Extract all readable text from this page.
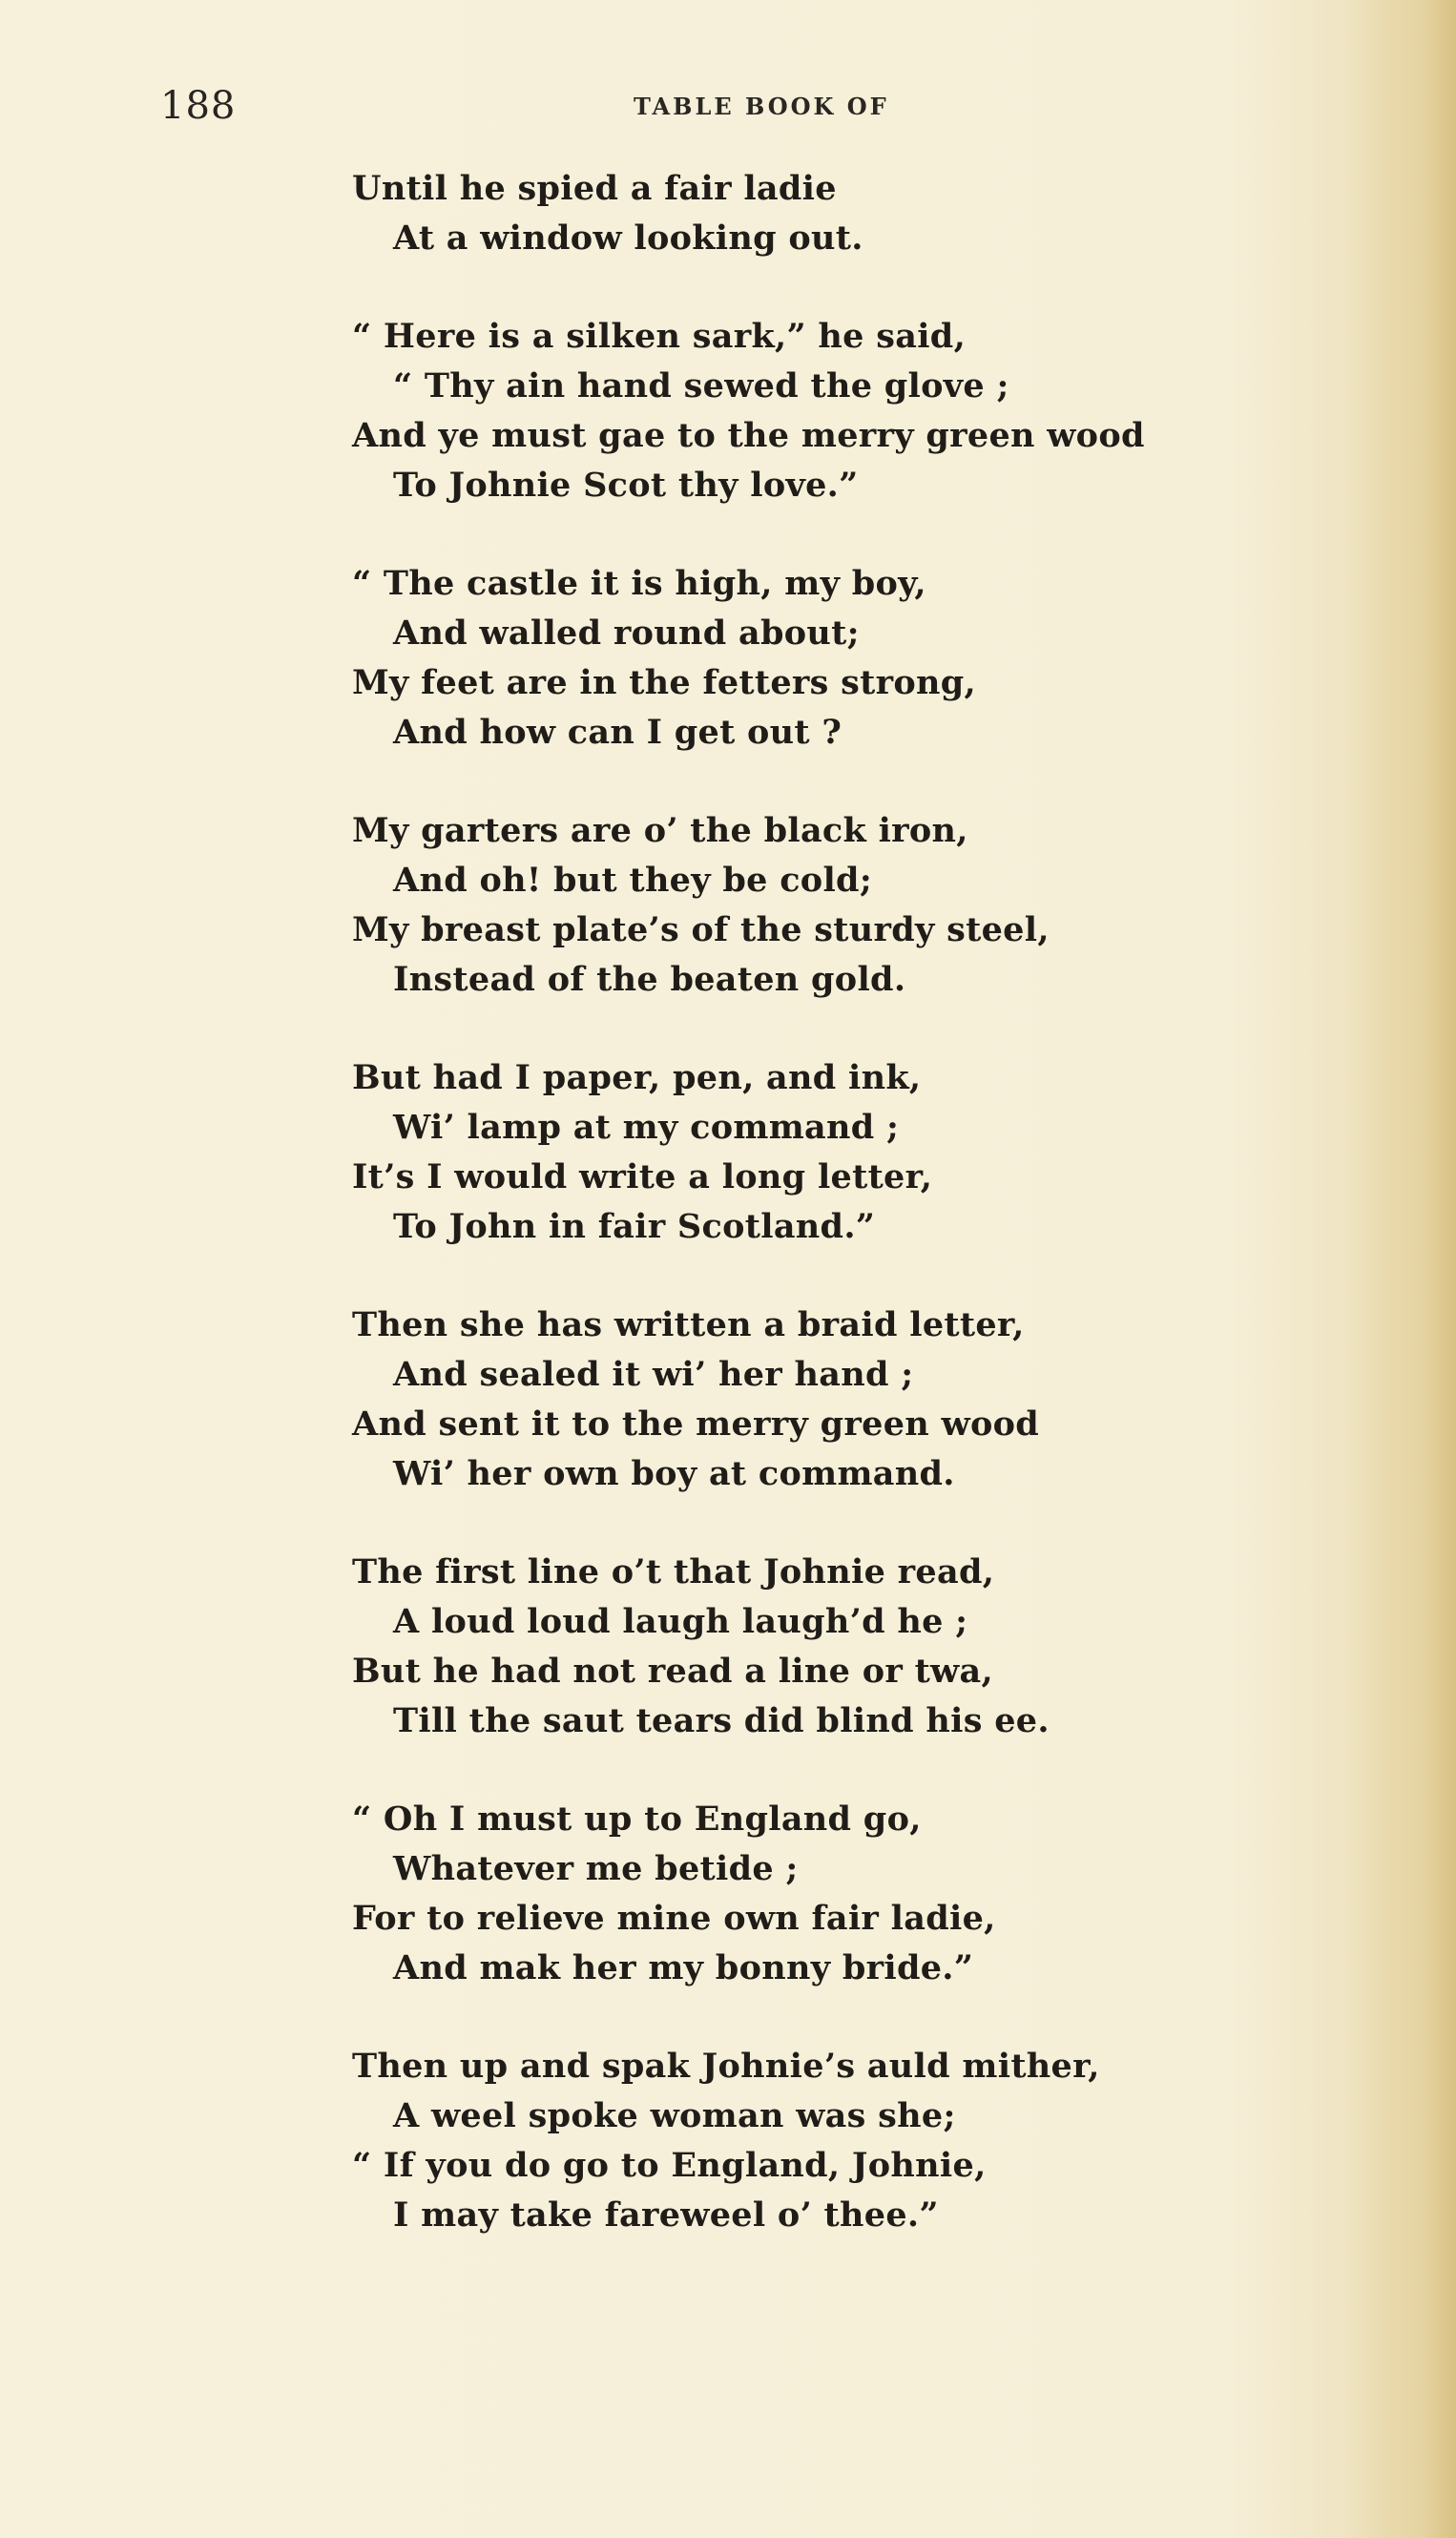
188	TABLE BOOK OF
Until he spied a fair ladie
At a window looking out.
“ Here is a silken sark,” he said,
“ Thy ain hand sewed the glove ;
And ye must gae to the merry green wood
To Johnie Scot thy love.”
“ The castle it is high, my boy,
And walled round about;
My feet are in the fetters strong,
And how can I get out ?
My garters are o’ the black iron,
And oh! but they be cold;
My breast plate’s of the sturdy steel,
Instead of the beaten gold.
But had I paper, pen, and ink,
Wi’ lamp at my command ;
It’s I would write a long letter,
To John in fair Scotland.”
Then she has written a braid letter,
And sealed it wi’ her hand ;
And sent it to the merry green wood
Wi’ her own boy at command.
The first line o’t that Johnie read,
A loud loud laugh laugh’d he ;
But he had not read a line or twa,
Till the saut tears did blind his ee.
“ Oh I must up to England go,
Whatever me betide ;
For to relieve mine own fair ladie,
And mak her my bonny bride.”
Then up and spak Johnie’s auld mither,
A weel spoke woman was she;
“ If you do go to England, Johnie,
I may take fareweel o’ thee.”
